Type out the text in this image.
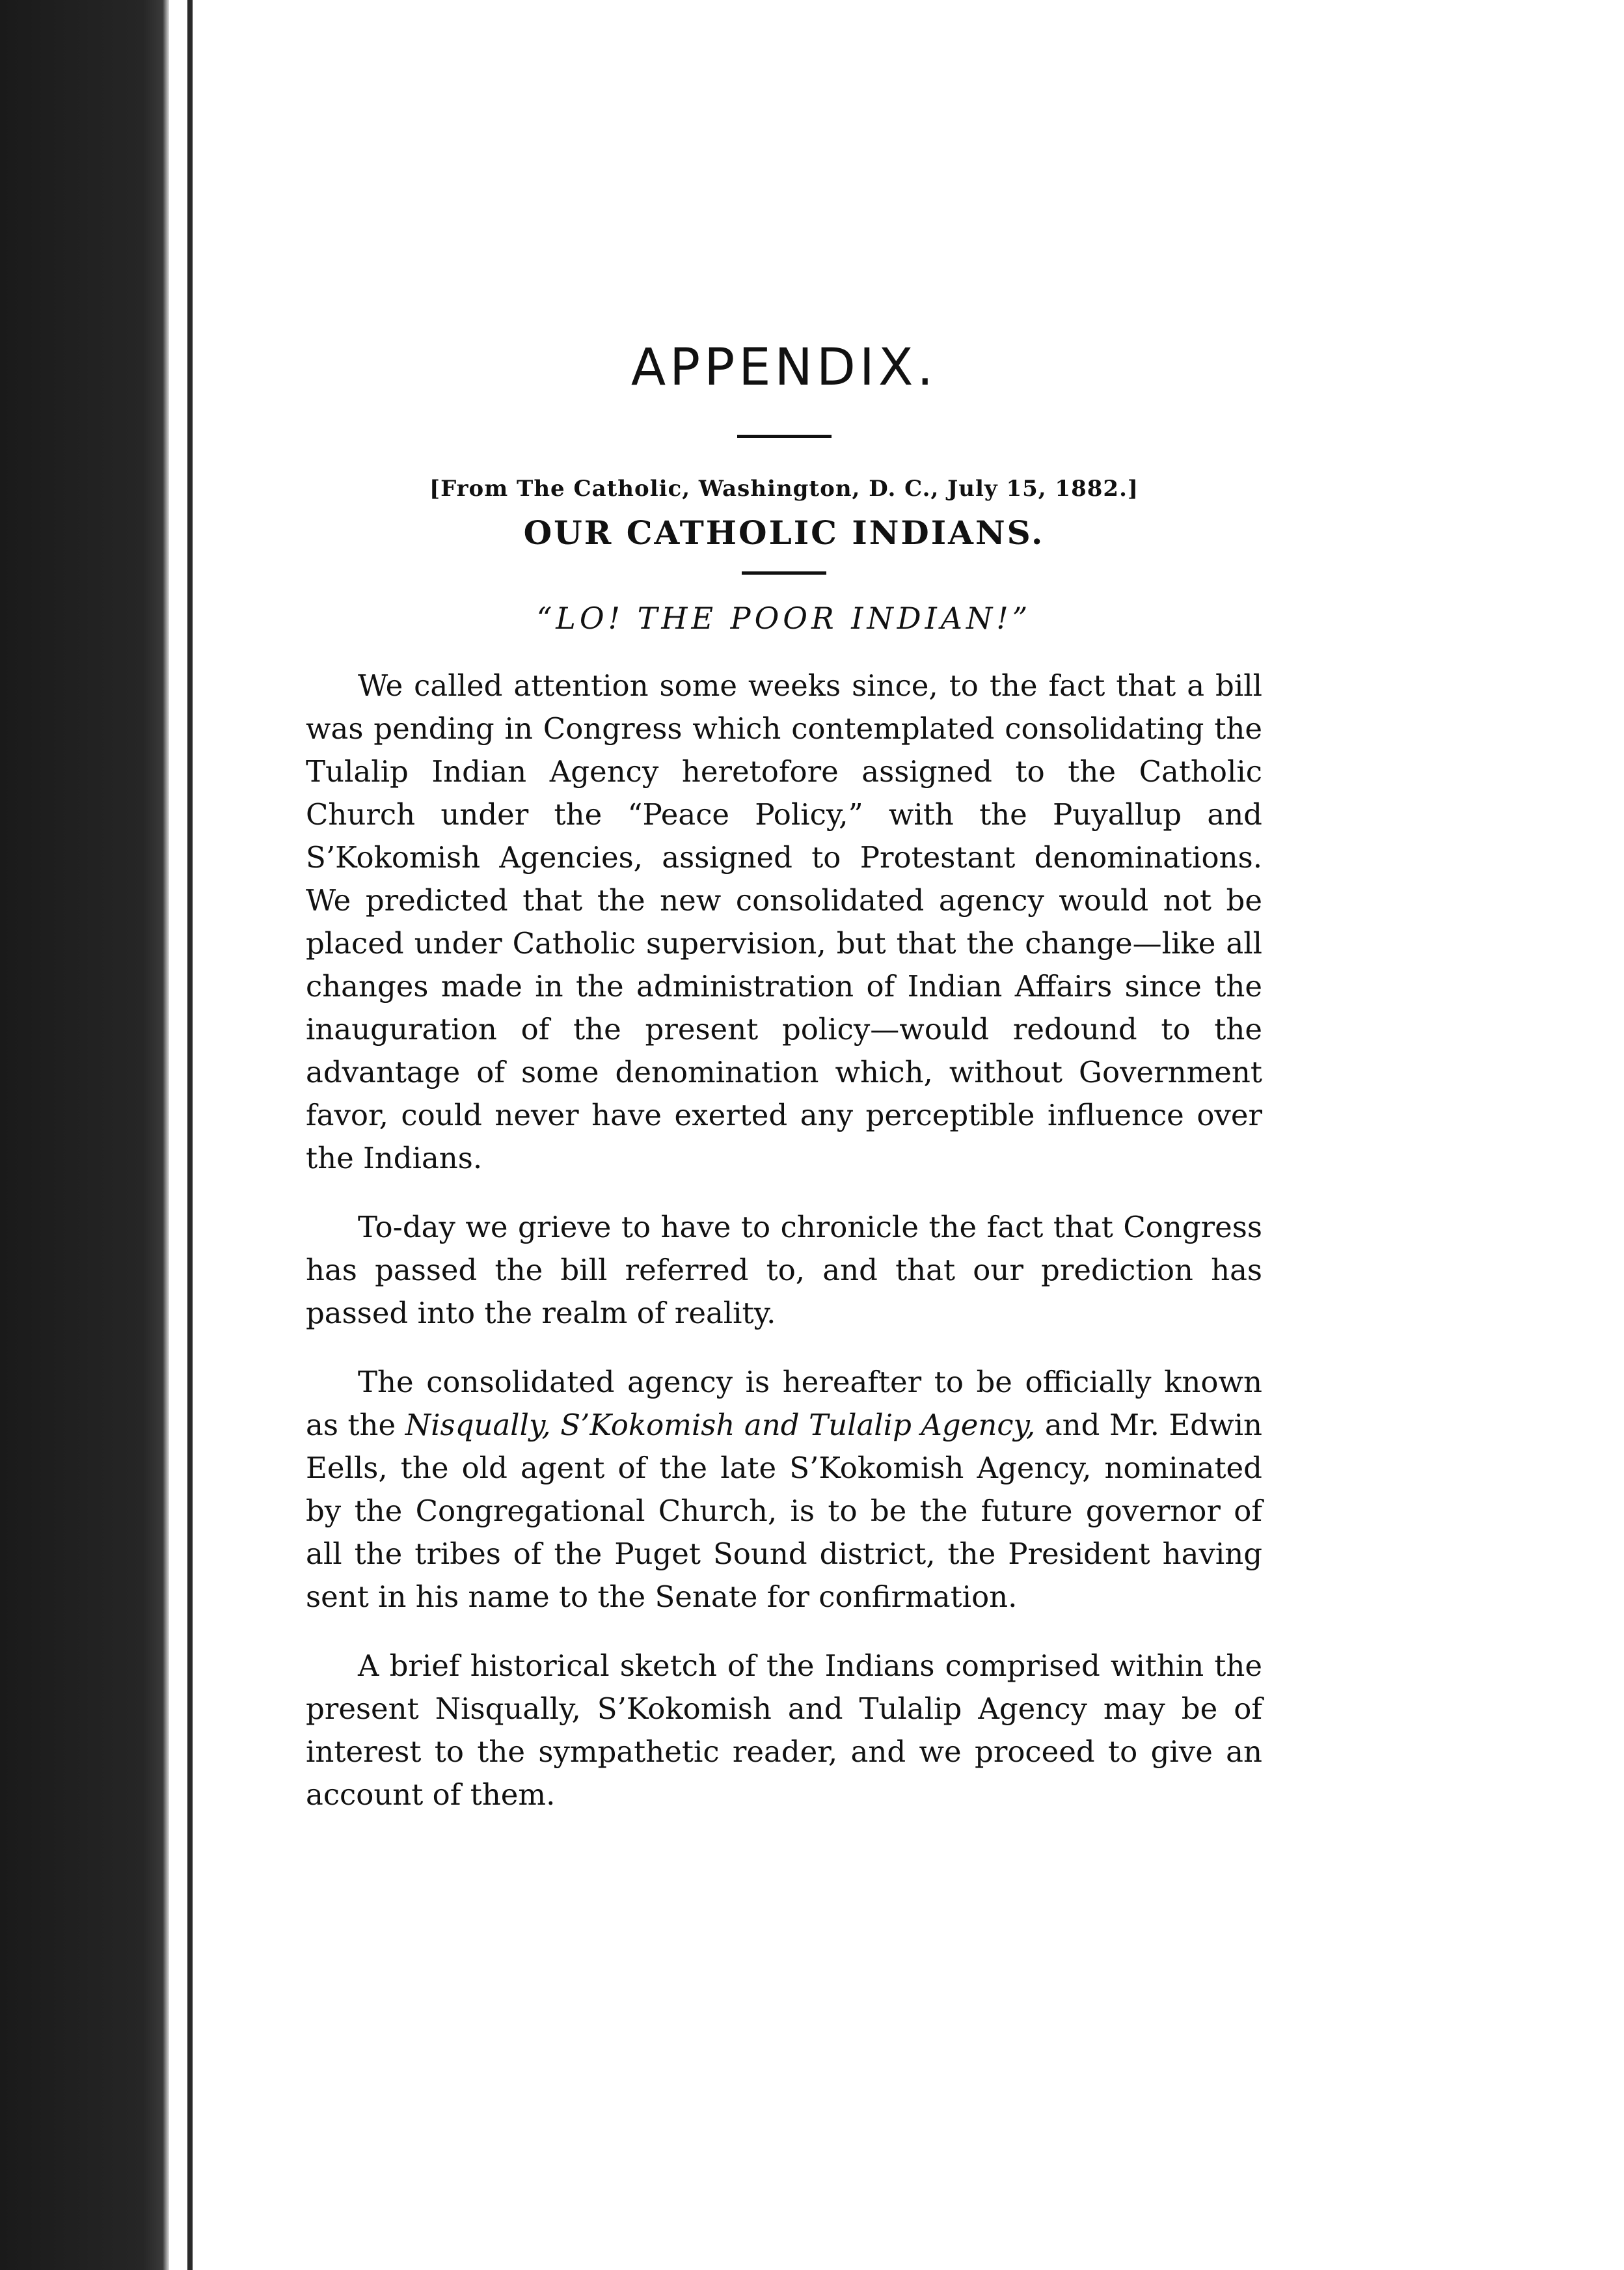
APPENDIX.

[From The Catholic, Washington, D. C., July 15, 1882.]

OUR CATHOLIC INDIANS.

“LO! THE POOR INDIAN!”

We called attention some weeks since, to the fact that a bill was pending in Congress which contemplated consolidating the Tulalip Indian Agency heretofore assigned to the Catholic Church under the “Peace Policy,” with the Puyallup and S’Kokomish Agencies, assigned to Protestant denominations. We predicted that the new consolidated agency would not be placed under Catholic supervision, but that the change—like all changes made in the administration of Indian Affairs since the inauguration of the present policy—would redound to the advantage of some denomination which, without Government favor, could never have exerted any perceptible influence over the Indians.

To-day we grieve to have to chronicle the fact that Congress has passed the bill referred to, and that our prediction has passed into the realm of reality.

The consolidated agency is hereafter to be officially known as the Nisqually, S’Kokomish and Tulalip Agency, and Mr. Edwin Eells, the old agent of the late S’Kokomish Agency, nominated by the Congregational Church, is to be the future governor of all the tribes of the Puget Sound district, the President having sent in his name to the Senate for confirmation.

A brief historical sketch of the Indians comprised within the present Nisqually, S’Kokomish and Tulalip Agency may be of interest to the sympathetic reader, and we proceed to give an account of them.
